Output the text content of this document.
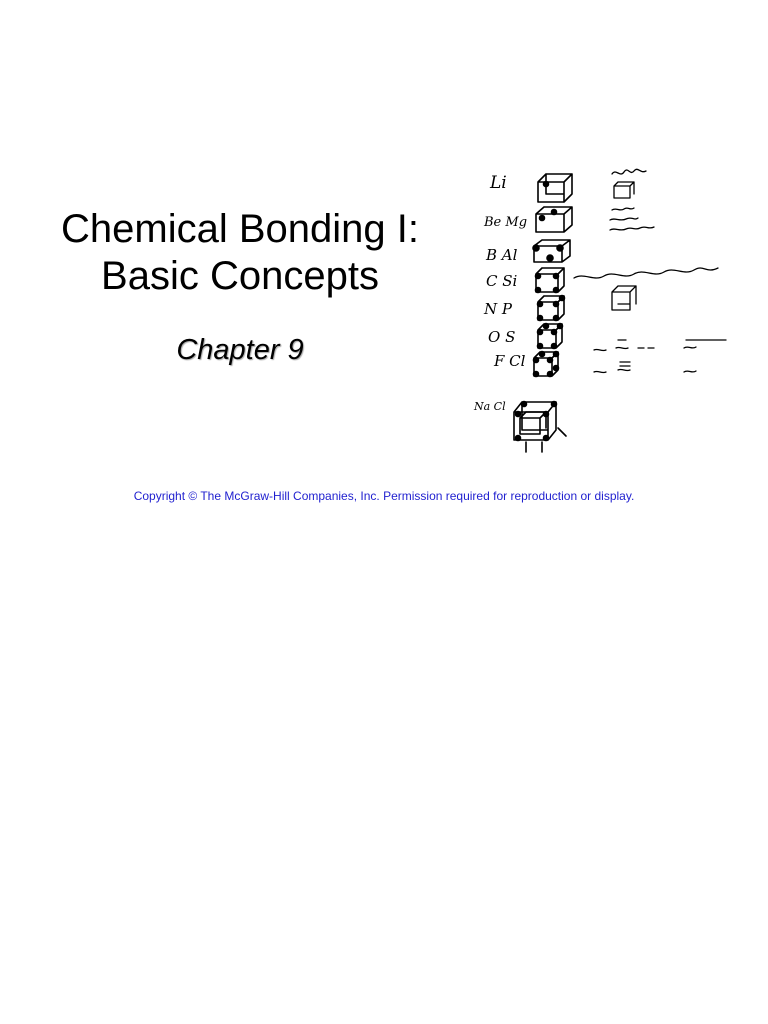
Chemical Bonding I:
Basic Concepts

Chapter 9

Li
Be Mg
B Al
C Si
N P
O S
F Cl
Na Cl

Copyright © The McGraw-Hill Companies, Inc. Permission required for reproduction or display.
